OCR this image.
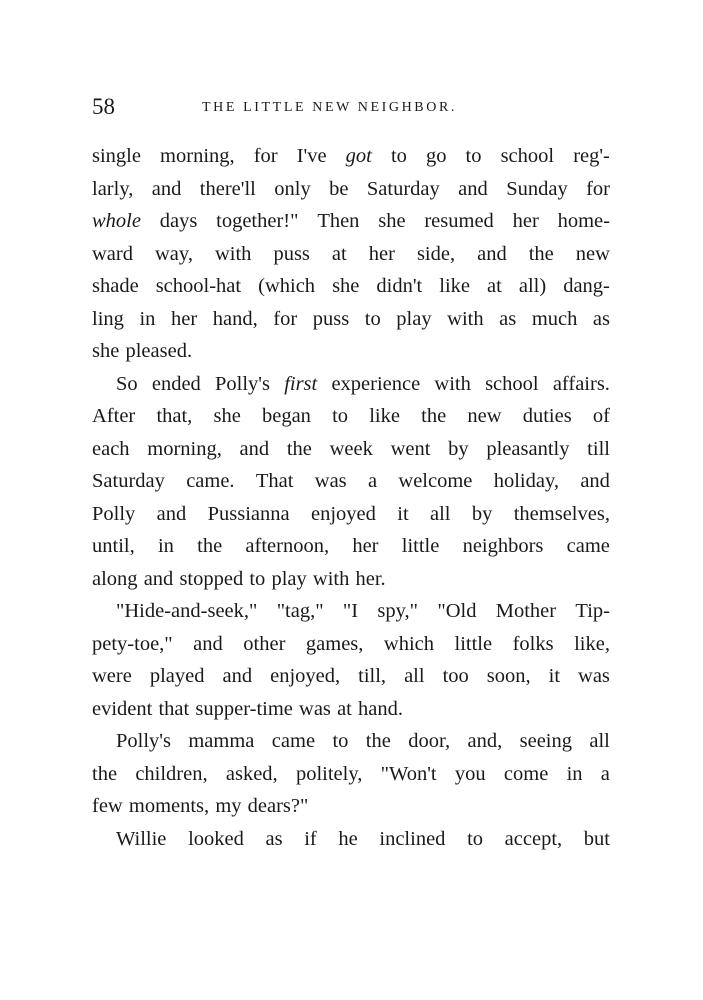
58	THE LITTLE NEW NEIGHBOR.
single morning, for I've got to go to school reg'-
larly, and there'll only be Saturday and Sunday for
whole days together!" Then she resumed her home-
ward way, with puss at her side, and the new
shade school-hat (which she didn't like at all) dang-
ling in her hand, for puss to play with as much as
she pleased.
So ended Polly's first experience with school affairs.
After that, she began to like the new duties of
each morning, and the week went by pleasantly till
Saturday came. That was a welcome holiday, and
Polly and Pussianna enjoyed it all by themselves,
until, in the afternoon, her little neighbors came
along and stopped to play with her.
"Hide-and-seek," "tag," "I spy," "Old Mother Tip-
pety-toe," and other games, which little folks like,
were played and enjoyed, till, all too soon, it was
evident that supper-time was at hand.
Polly's mamma came to the door, and, seeing all
the children, asked, politely, "Won't you come in a
few moments, my dears?"
Willie looked as if he inclined to accept, but
